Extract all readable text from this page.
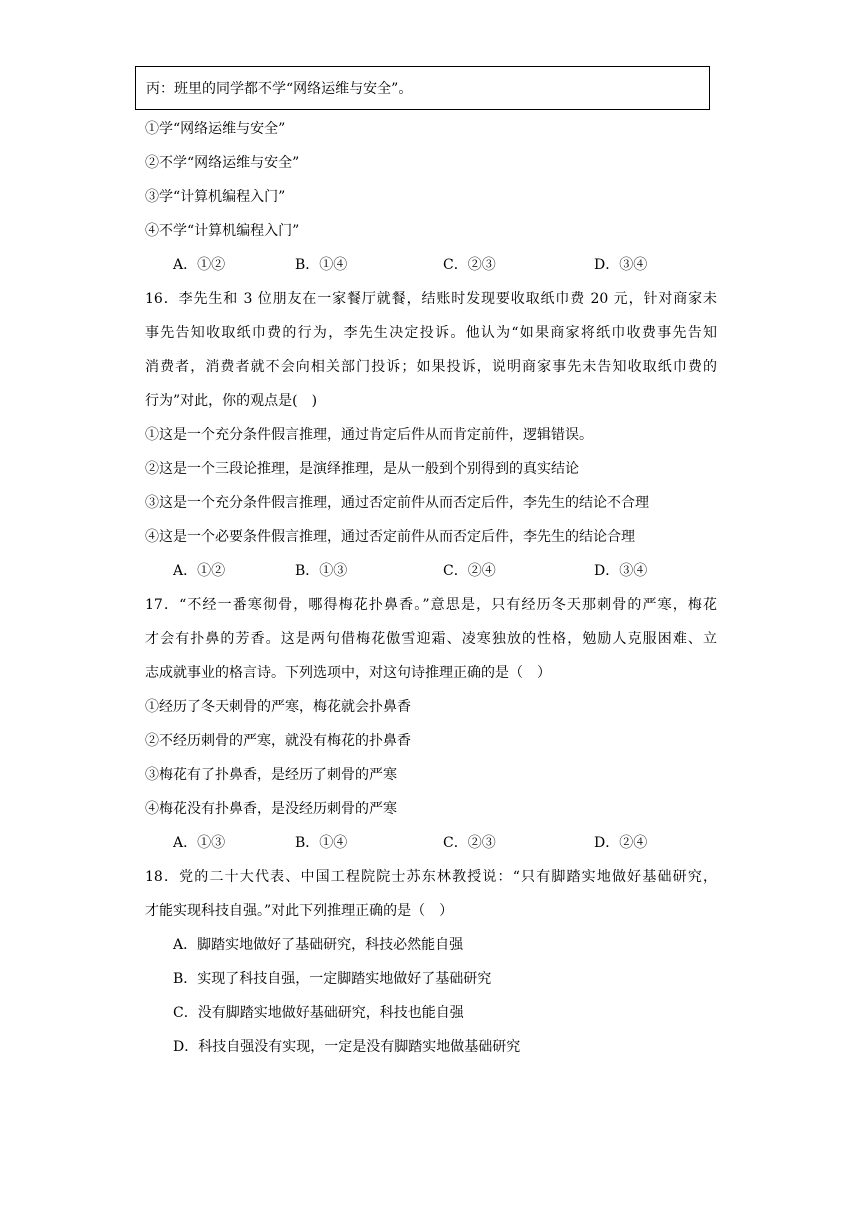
丙：班里的同学都不学“网络运维与安全”。
①学“网络运维与安全”
②不学“网络运维与安全”
③学“计算机编程入门”
④不学“计算机编程入门”
A．①②	B．①④	C．②③	D．③④
16．李先生和 3 位朋友在一家餐厅就餐，结账时发现要收取纸巾费 20 元，针对商家未
事先告知收取纸巾费的行为，李先生决定投诉。他认为“如果商家将纸巾收费事先告知
消费者，消费者就不会向相关部门投诉；如果投诉，说明商家事先未告知收取纸巾费的
行为”对此，你的观点是(　)
①这是一个充分条件假言推理，通过肯定后件从而肯定前件，逻辑错误。
②这是一个三段论推理，是演绎推理，是从一般到个别得到的真实结论
③这是一个充分条件假言推理，通过否定前件从而否定后件，李先生的结论不合理
④这是一个必要条件假言推理，通过否定前件从而否定后件，李先生的结论合理
A．①②	B．①③	C．②④	D．③④
17．“不经一番寒彻骨，哪得梅花扑鼻香。”意思是，只有经历冬天那刺骨的严寒，梅花
才会有扑鼻的芳香。这是两句借梅花傲雪迎霜、凌寒独放的性格，勉励人克服困难、立
志成就事业的格言诗。下列选项中，对这句诗推理正确的是（　）
①经历了冬天刺骨的严寒，梅花就会扑鼻香
②不经历刺骨的严寒，就没有梅花的扑鼻香
③梅花有了扑鼻香，是经历了刺骨的严寒
④梅花没有扑鼻香，是没经历刺骨的严寒
A．①③	B．①④	C．②③	D．②④
18．党的二十大代表、中国工程院院士苏东林教授说：“只有脚踏实地做好基础研究，
才能实现科技自强。”对此下列推理正确的是（　）
A．脚踏实地做好了基础研究，科技必然能自强
B．实现了科技自强，一定脚踏实地做好了基础研究
C．没有脚踏实地做好基础研究，科技也能自强
D．科技自强没有实现，一定是没有脚踏实地做基础研究
